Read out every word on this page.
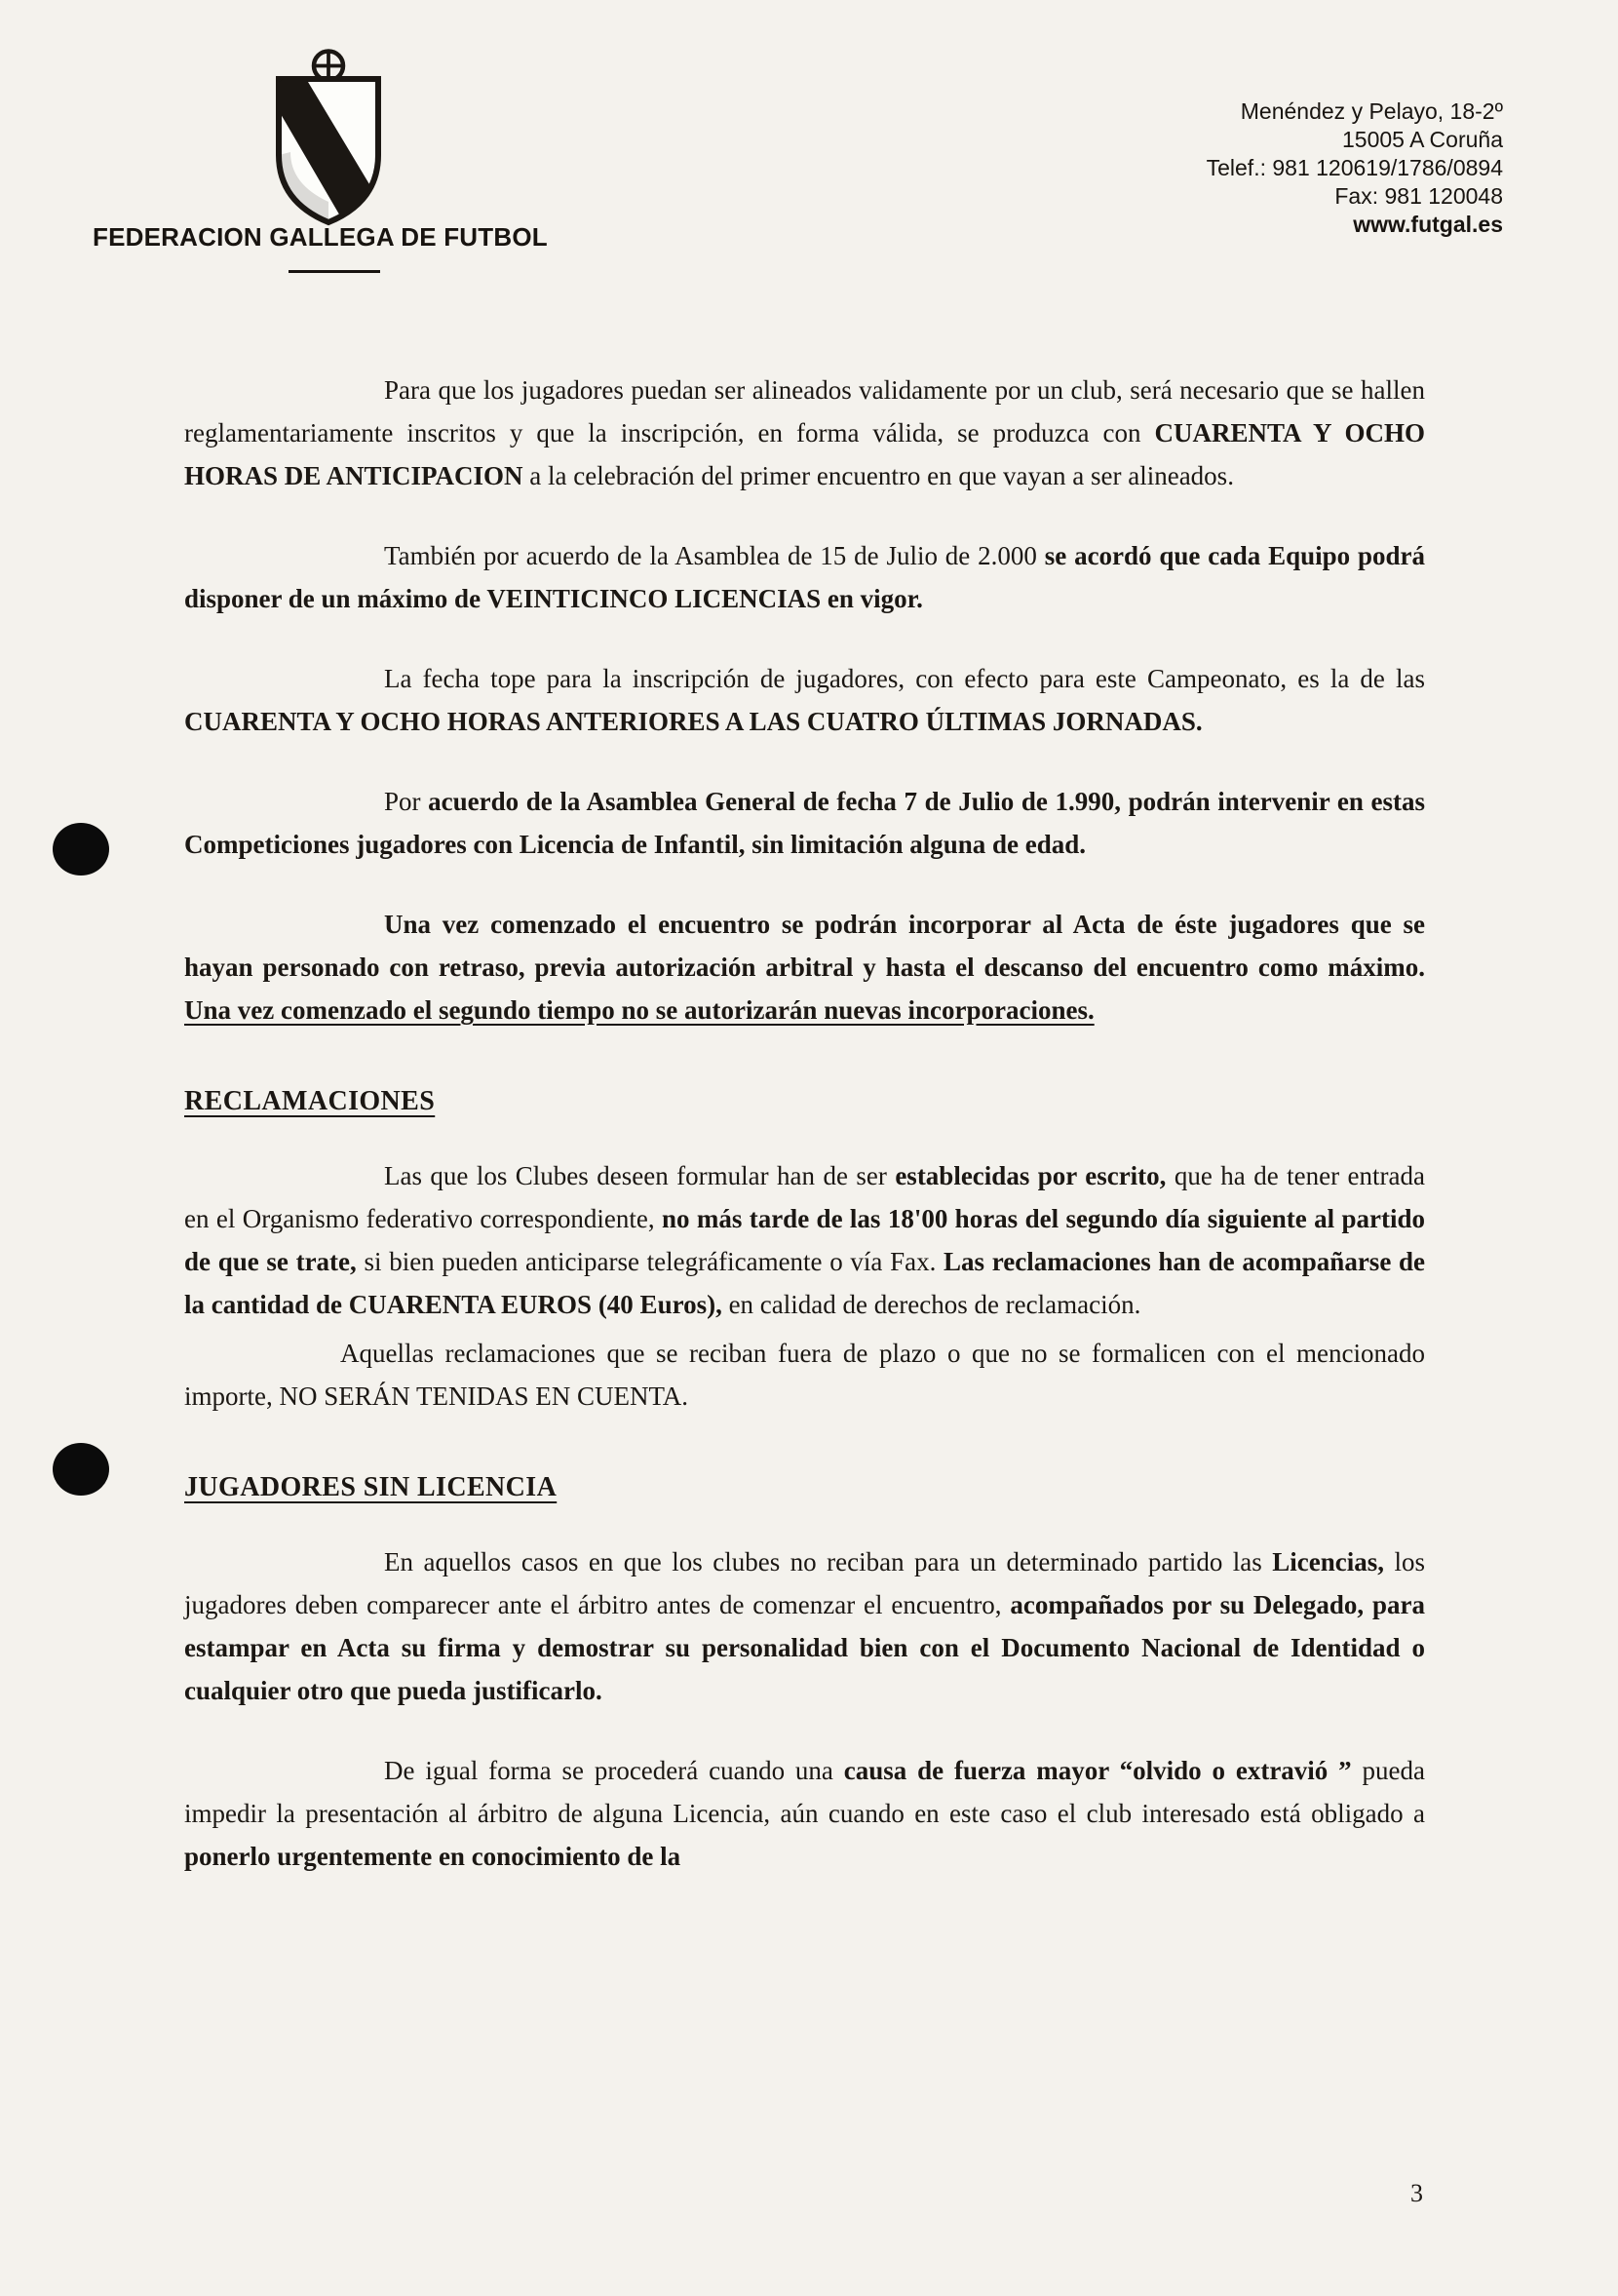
FEDERACION GALLEGA DE FUTBOL
Menéndez y Pelayo, 18-2º
15005 A Coruña
Telef.: 981 120619/1786/0894
Fax: 981 120048
www.futgal.es

Para que los jugadores puedan ser alineados validamente por un club, será necesario que se hallen reglamentariamente inscritos y que la inscripción, en forma válida, se produzca con CUARENTA Y OCHO HORAS DE ANTICIPACION a la celebración del primer encuentro en que vayan a ser alineados.

También por acuerdo de la Asamblea de 15 de Julio de 2.000 se acordó que cada Equipo podrá disponer de un máximo de VEINTICINCO LICENCIAS en vigor.

La fecha tope para la inscripción de jugadores, con efecto para este Campeonato, es la de las CUARENTA Y OCHO HORAS ANTERIORES A LAS CUATRO ÚLTIMAS JORNADAS.

Por acuerdo de la Asamblea General de fecha 7 de Julio de 1.990, podrán intervenir en estas Competiciones jugadores con Licencia de Infantil, sin limitación alguna de edad.

Una vez comenzado el encuentro se podrán incorporar al Acta de éste jugadores que se hayan personado con retraso, previa autorización arbitral y hasta el descanso del encuentro como máximo. Una vez comenzado el segundo tiempo no se autorizarán nuevas incorporaciones.

RECLAMACIONES

Las que los Clubes deseen formular han de ser establecidas por escrito, que ha de tener entrada en el Organismo federativo correspondiente, no más tarde de las 18'00 horas del segundo día siguiente al partido de que se trate, si bien pueden anticiparse telegráficamente o vía Fax. Las reclamaciones han de acompañarse de la cantidad de CUARENTA EUROS (40 Euros), en calidad de derechos de reclamación.

Aquellas reclamaciones que se reciban fuera de plazo o que no se formalicen con el mencionado importe, NO SERÁN TENIDAS EN CUENTA.

JUGADORES SIN LICENCIA

En aquellos casos en que los clubes no reciban para un determinado partido las Licencias, los jugadores deben comparecer ante el árbitro antes de comenzar el encuentro, acompañados por su Delegado, para estampar en Acta su firma y demostrar su personalidad bien con el Documento Nacional de Identidad o cualquier otro que pueda justificarlo.

De igual forma se procederá cuando una causa de fuerza mayor “olvido o extravió ” pueda impedir la presentación al árbitro de alguna Licencia, aún cuando en este caso el club interesado está obligado a ponerlo urgentemente en conocimiento de la

3
